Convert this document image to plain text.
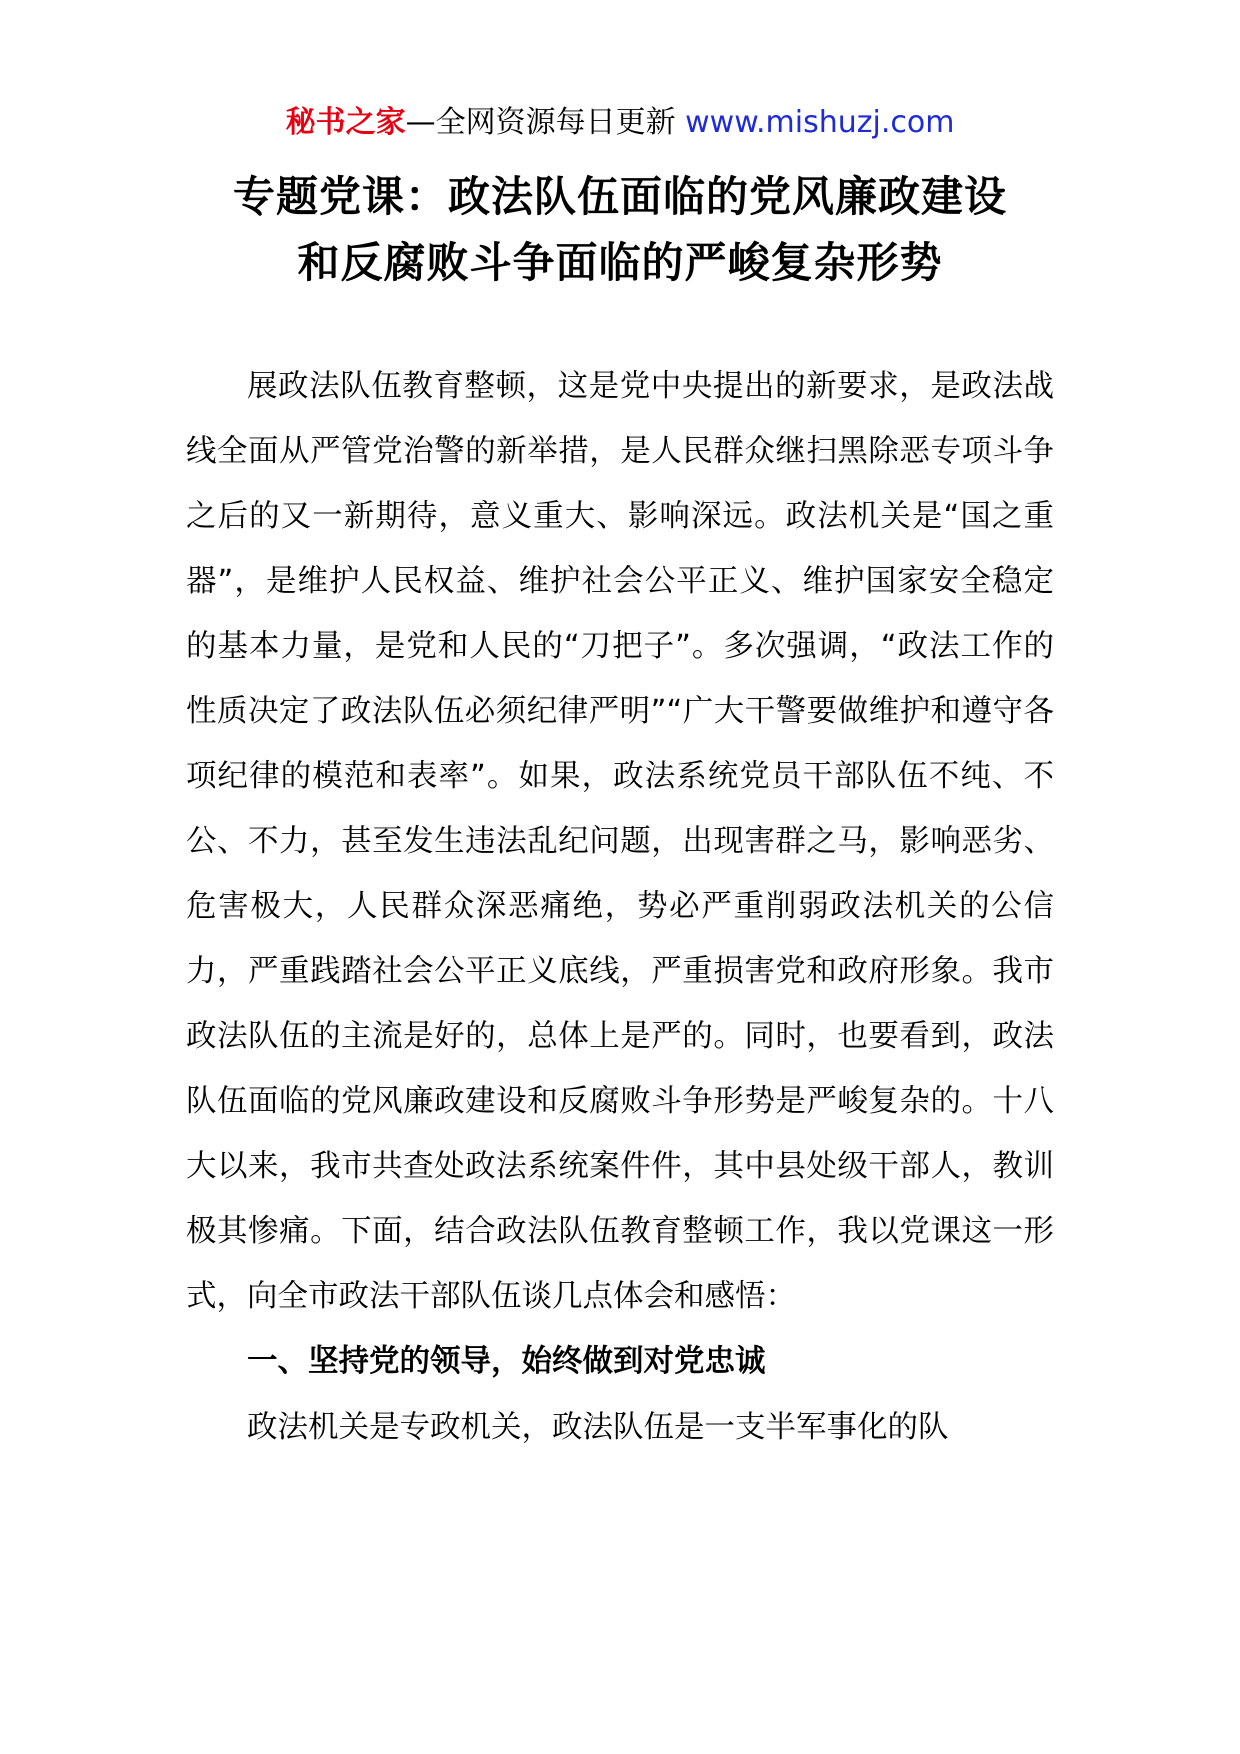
秘书之家—全网资源每日更新 www.mishuzj.com
专题党课：政法队伍面临的党风廉政建设
和反腐败斗争面临的严峻复杂形势

展政法队伍教育整顿，这是党中央提出的新要求，是政法战线全面从严管党治警的新举措，是人民群众继扫黑除恶专项斗争之后的又一新期待，意义重大、影响深远。政法机关是“国之重器”，是维护人民权益、维护社会公平正义、维护国家安全稳定的基本力量，是党和人民的“刀把子”。多次强调，“政法工作的性质决定了政法队伍必须纪律严明”“广大干警要做维护和遵守各项纪律的模范和表率”。如果，政法系统党员干部队伍不纯、不公、不力，甚至发生违法乱纪问题，出现害群之马，影响恶劣、危害极大，人民群众深恶痛绝，势必严重削弱政法机关的公信力，严重践踏社会公平正义底线，严重损害党和政府形象。我市政法队伍的主流是好的，总体上是严的。同时，也要看到，政法队伍面临的党风廉政建设和反腐败斗争形势是严峻复杂的。十八大以来，我市共查处政法系统案件件，其中县处级干部人，教训极其惨痛。下面，结合政法队伍教育整顿工作，我以党课这一形式，向全市政法干部队伍谈几点体会和感悟：

一、坚持党的领导，始终做到对党忠诚

政法机关是专政机关，政法队伍是一支半军事化的队
